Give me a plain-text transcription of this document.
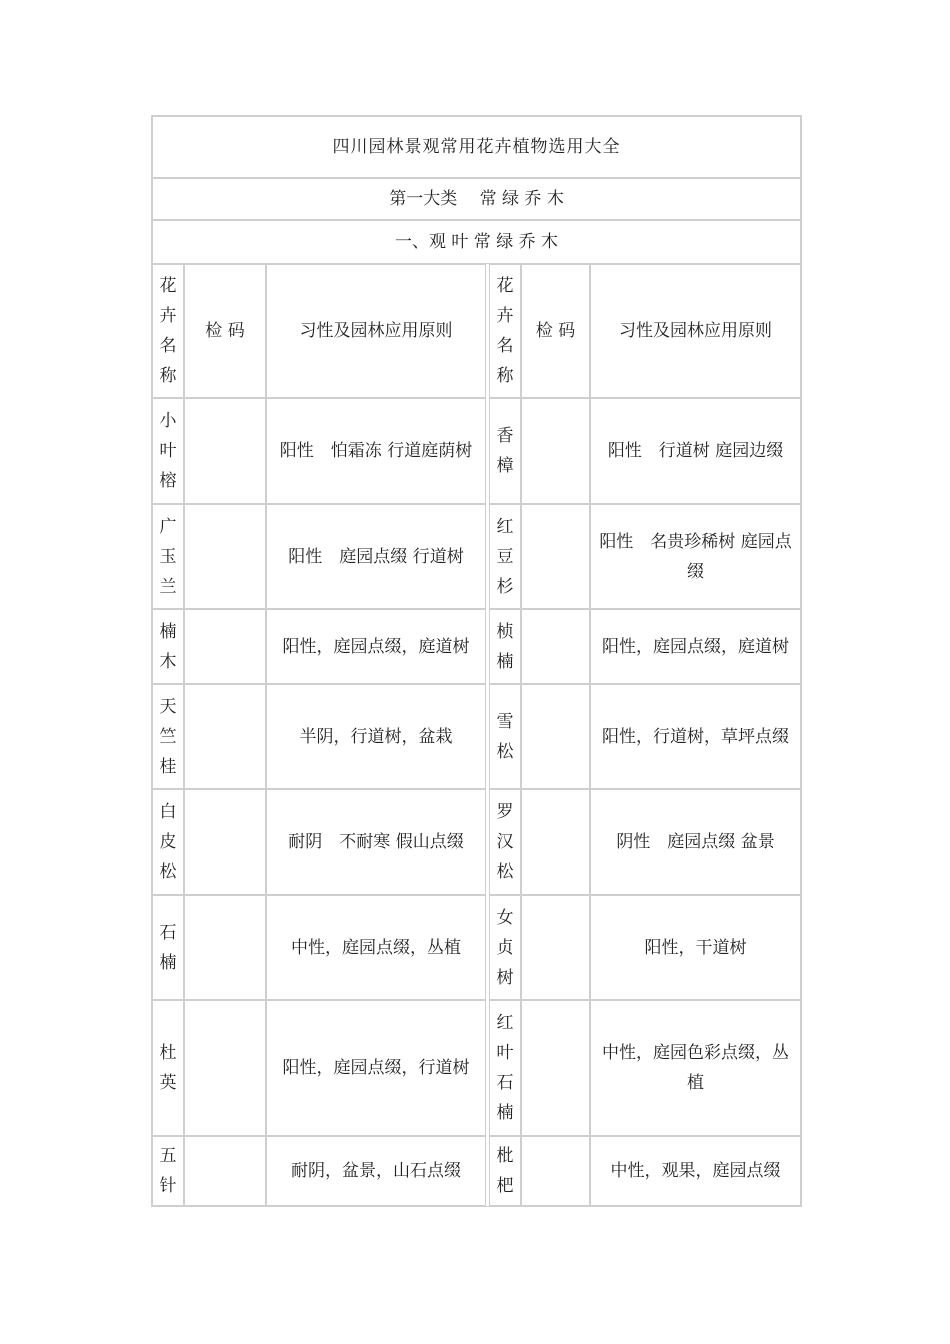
四川园林景观常用花卉植物选用大全						
第一大类　 常 绿 乔 木						
一、观 叶 常 绿 乔 木						
花卉名称	检 码	习性及园林应用原则		花卉名称	检 码	习性及园林应用原则
小叶榕		阳性　怕霜冻 行道庭荫树		香樟		阳性　行道树 庭园边缀
广玉兰		阳性　庭园点缀 行道树		红豆杉		阳性　名贵珍稀树 庭园点缀
楠木		阳性，庭园点缀，庭道树		桢楠		阳性，庭园点缀，庭道树
天竺桂		半阴，行道树，盆栽		雪松		阳性，行道树，草坪点缀
白皮松		耐阴　不耐寒 假山点缀		罗汉松		阴性　庭园点缀 盆景
石楠		中性，庭园点缀，丛植		女贞树		阳性，干道树
杜英		阳性，庭园点缀，行道树		红叶石楠		中性，庭园色彩点缀，丛植
五针		耐阴，盆景，山石点缀		枇杷		中性，观果，庭园点缀
